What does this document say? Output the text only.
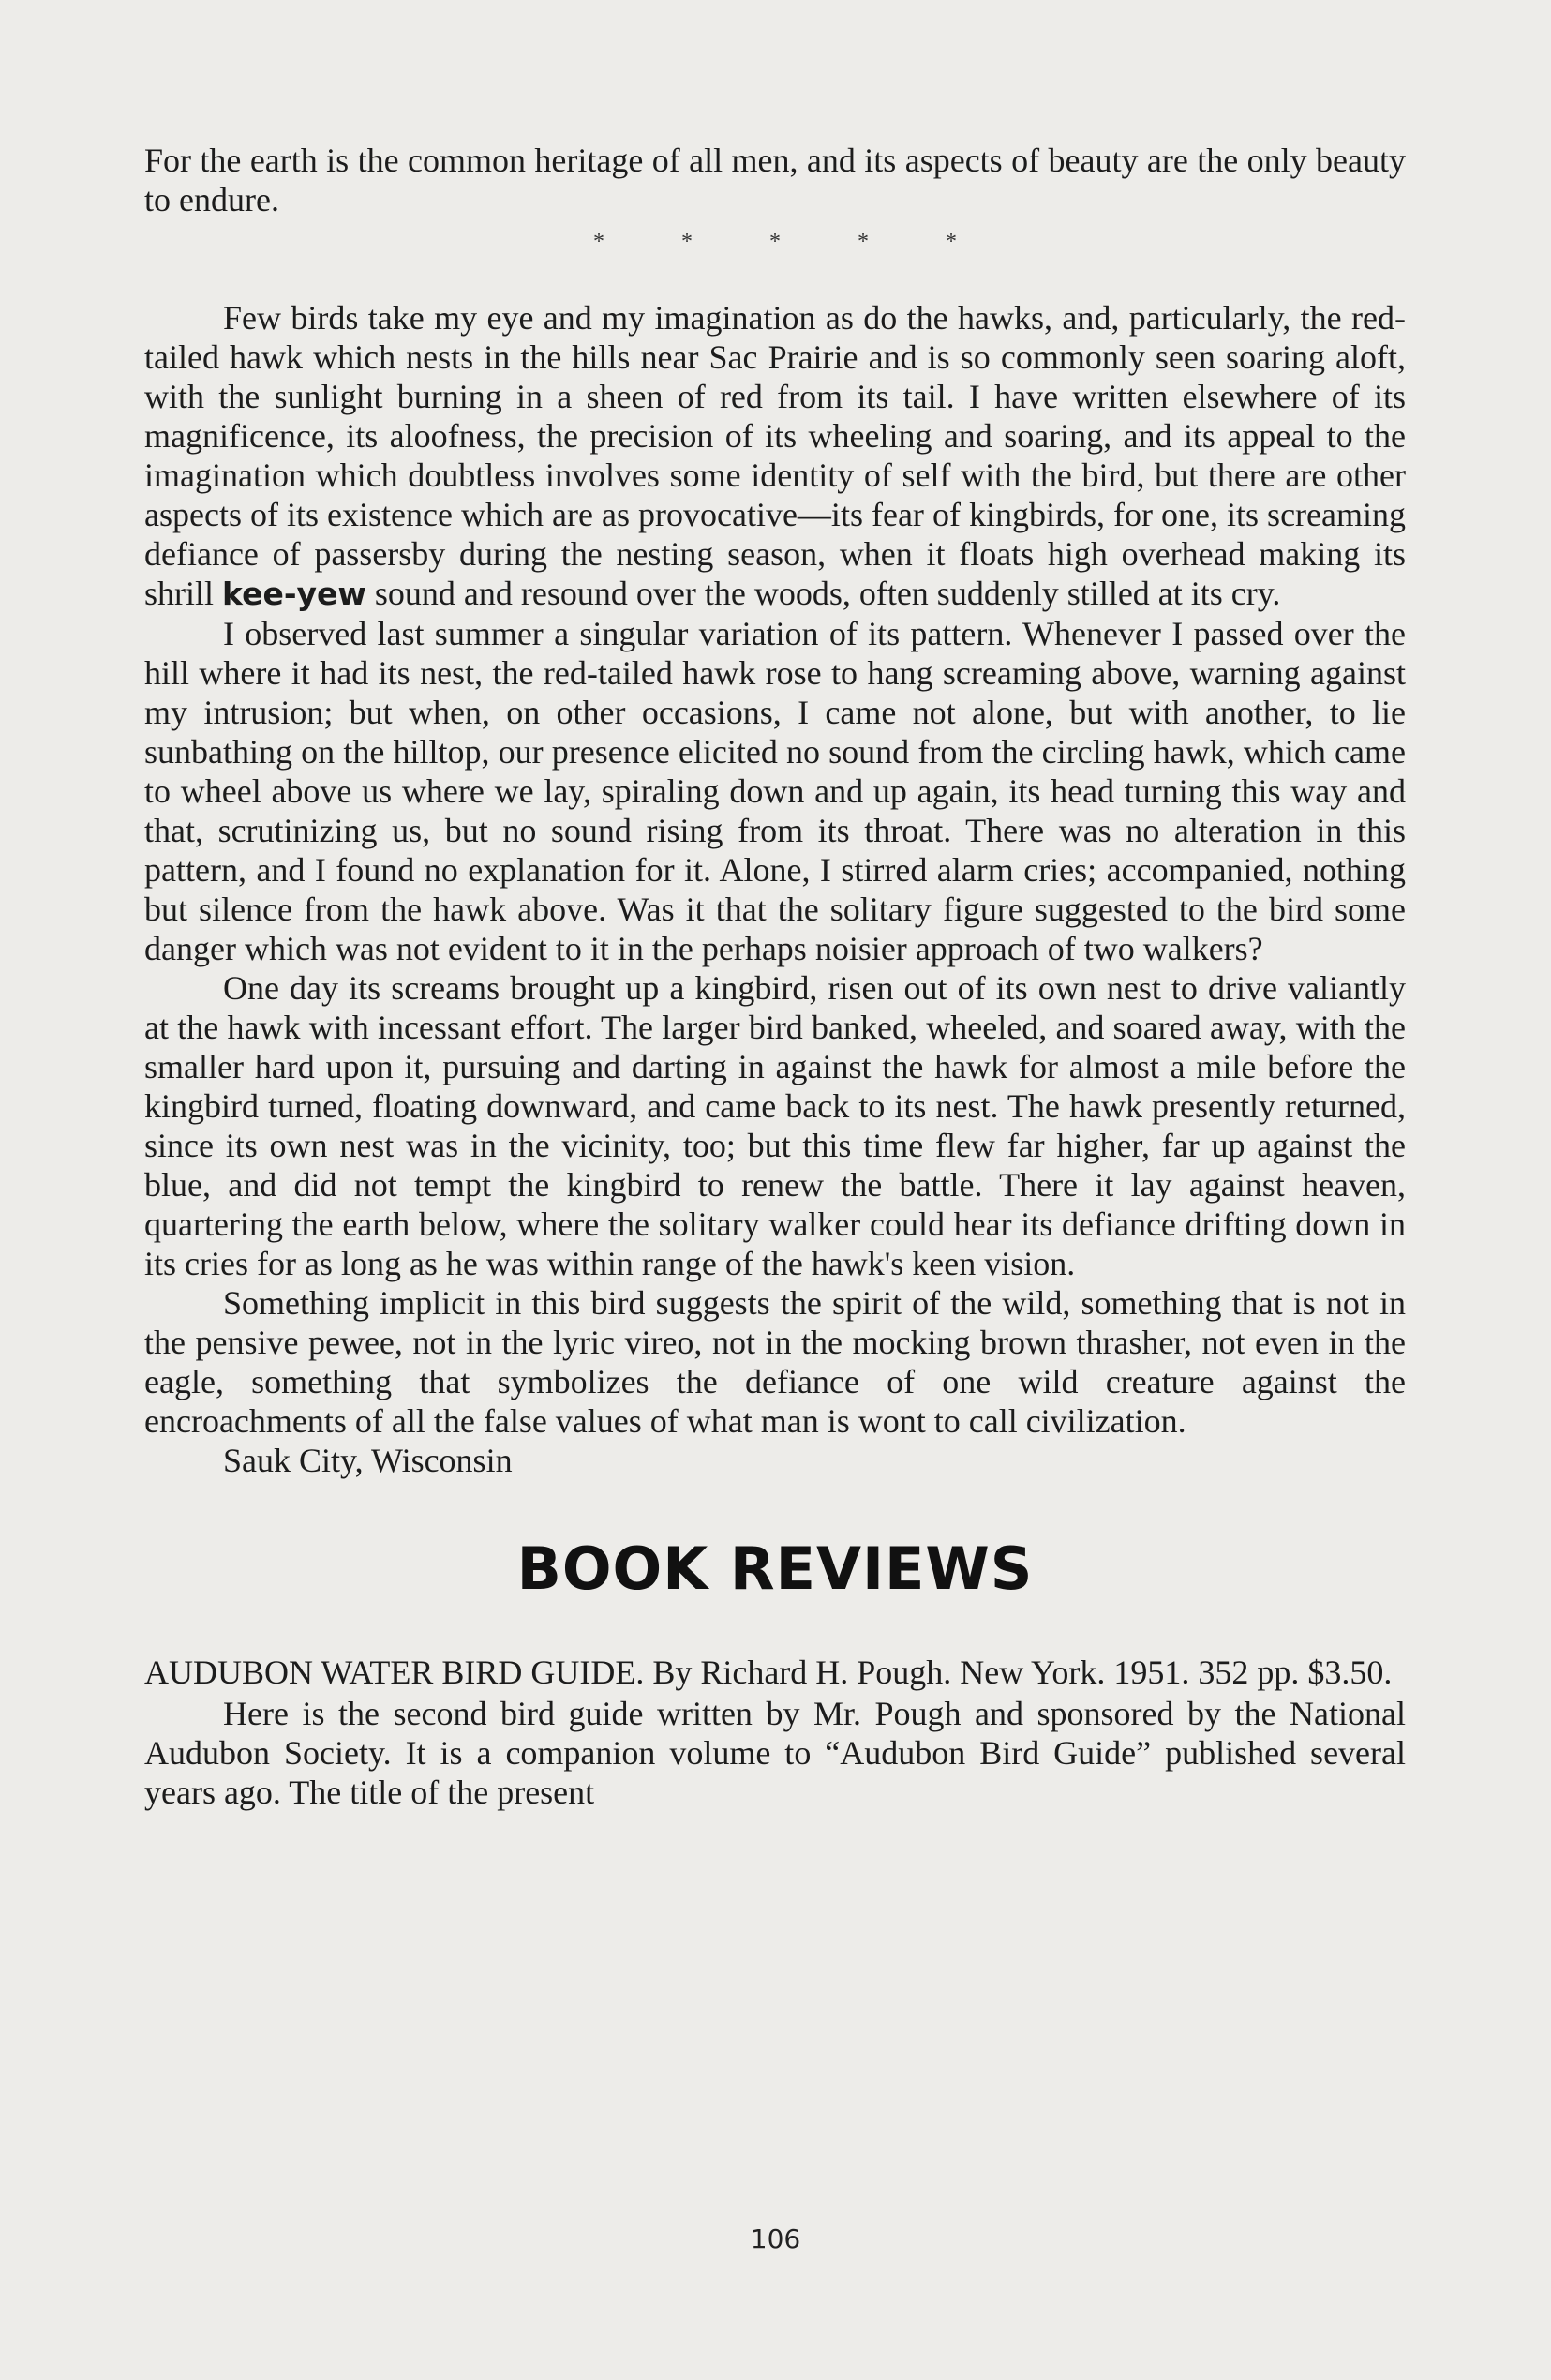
For the earth is the common heritage of all men, and its aspects of beauty are the only beauty to endure.

*	*	*	*	*

Few birds take my eye and my imagination as do the hawks, and, particularly, the red-tailed hawk which nests in the hills near Sac Prairie and is so commonly seen soaring aloft, with the sunlight burning in a sheen of red from its tail. I have written elsewhere of its magnificence, its aloofness, the precision of its wheeling and soaring, and its appeal to the imagination which doubtless involves some identity of self with the bird, but there are other aspects of its existence which are as provocative—its fear of kingbirds, for one, its screaming defiance of passersby during the nesting season, when it floats high overhead making its shrill kee-yew sound and resound over the woods, often suddenly stilled at its cry.

I observed last summer a singular variation of its pattern. Whenever I passed over the hill where it had its nest, the red-tailed hawk rose to hang screaming above, warning against my intrusion; but when, on other occasions, I came not alone, but with another, to lie sunbathing on the hilltop, our presence elicited no sound from the circling hawk, which came to wheel above us where we lay, spiraling down and up again, its head turning this way and that, scrutinizing us, but no sound rising from its throat. There was no alteration in this pattern, and I found no explanation for it. Alone, I stirred alarm cries; accompanied, nothing but silence from the hawk above. Was it that the solitary figure suggested to the bird some danger which was not evident to it in the perhaps noisier approach of two walkers?

One day its screams brought up a kingbird, risen out of its own nest to drive valiantly at the hawk with incessant effort. The larger bird banked, wheeled, and soared away, with the smaller hard upon it, pursuing and darting in against the hawk for almost a mile before the kingbird turned, floating downward, and came back to its nest. The hawk presently returned, since its own nest was in the vicinity, too; but this time flew far higher, far up against the blue, and did not tempt the kingbird to renew the battle. There it lay against heaven, quartering the earth below, where the solitary walker could hear its defiance drifting down in its cries for as long as he was within range of the hawk's keen vision.

Something implicit in this bird suggests the spirit of the wild, something that is not in the pensive pewee, not in the lyric vireo, not in the mocking brown thrasher, not even in the eagle, something that symbolizes the defiance of one wild creature against the encroachments of all the false values of what man is wont to call civilization.

Sauk City, Wisconsin

BOOK REVIEWS

AUDUBON WATER BIRD GUIDE. By Richard H. Pough. New York. 1951. 352 pp. $3.50.

Here is the second bird guide written by Mr. Pough and sponsored by the National Audubon Society. It is a companion volume to “Audubon Bird Guide” published several years ago. The title of the present

106
